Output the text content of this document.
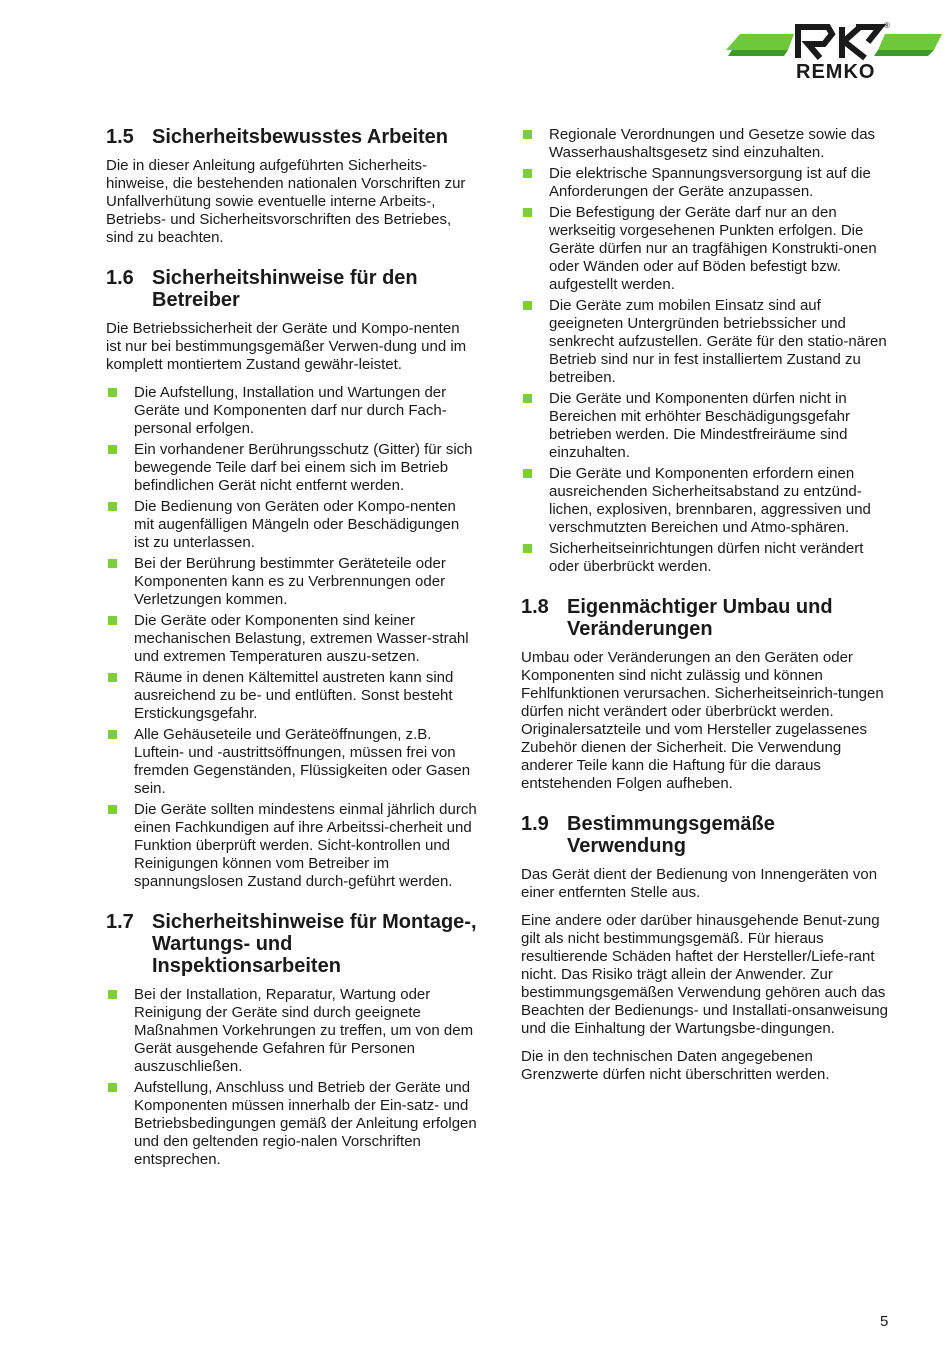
®
REMKO
1.5 Sicherheitsbewusstes Arbeiten

Die in dieser Anleitung aufgeführten Sicherheits-hinweise, die bestehenden nationalen Vorschriften zur Unfallverhütung sowie eventuelle interne Arbeits-, Betriebs- und Sicherheitsvorschriften des Betriebes, sind zu beachten.

1.6 Sicherheitshinweise für den Betreiber

Die Betriebssicherheit der Geräte und Kompo-nenten ist nur bei bestimmungsgemäßer Verwen-dung und im komplett montiertem Zustand gewähr-leistet.

Die Aufstellung, Installation und Wartungen der Geräte und Komponenten darf nur durch Fach-personal erfolgen.
Ein vorhandener Berührungsschutz (Gitter) für sich bewegende Teile darf bei einem sich im Betrieb befindlichen Gerät nicht entfernt werden.
Die Bedienung von Geräten oder Kompo-nenten mit augenfälligen Mängeln oder Beschädigungen ist zu unterlassen.
Bei der Berührung bestimmter Geräteteile oder Komponenten kann es zu Verbrennungen oder Verletzungen kommen.
Die Geräte oder Komponenten sind keiner mechanischen Belastung, extremen Wasser-strahl und extremen Temperaturen auszu-setzen.
Räume in denen Kältemittel austreten kann sind ausreichend zu be- und entlüften. Sonst besteht Erstickungsgefahr.
Alle Gehäuseteile und Geräteöffnungen, z.B. Luftein- und -austrittsöffnungen, müssen frei von fremden Gegenständen, Flüssigkeiten oder Gasen sein.
Die Geräte sollten mindestens einmal jährlich durch einen Fachkundigen auf ihre Arbeitssi-cherheit und Funktion überprüft werden. Sicht-kontrollen und Reinigungen können vom Betreiber im spannungslosen Zustand durch-geführt werden.
1.7 Sicherheitshinweise für Montage-, Wartungs- und Inspektionsarbeiten
Bei der Installation, Reparatur, Wartung oder Reinigung der Geräte sind durch geeignete Maßnahmen Vorkehrungen zu treffen, um von dem Gerät ausgehende Gefahren für Personen auszuschließen.
Aufstellung, Anschluss und Betrieb der Geräte und Komponenten müssen innerhalb der Ein-satz- und Betriebsbedingungen gemäß der Anleitung erfolgen und den geltenden regio-nalen Vorschriften entsprechen.
Regionale Verordnungen und Gesetze sowie das Wasserhaushaltsgesetz sind einzuhalten.
Die elektrische Spannungsversorgung ist auf die Anforderungen der Geräte anzupassen.
Die Befestigung der Geräte darf nur an den werkseitig vorgesehenen Punkten erfolgen. Die Geräte dürfen nur an tragfähigen Konstrukti-onen oder Wänden oder auf Böden befestigt bzw. aufgestellt werden.
Die Geräte zum mobilen Einsatz sind auf geeigneten Untergründen betriebssicher und senkrecht aufzustellen. Geräte für den statio-nären Betrieb sind nur in fest installiertem Zustand zu betreiben.
Die Geräte und Komponenten dürfen nicht in Bereichen mit erhöhter Beschädigungsgefahr betrieben werden. Die Mindestfreiräume sind einzuhalten.
Die Geräte und Komponenten erfordern einen ausreichenden Sicherheitsabstand zu entzünd-lichen, explosiven, brennbaren, aggressiven und verschmutzten Bereichen und Atmo-sphären.
Sicherheitseinrichtungen dürfen nicht verändert oder überbrückt werden.
1.8 Eigenmächtiger Umbau und Veränderungen

Umbau oder Veränderungen an den Geräten oder Komponenten sind nicht zulässig und können Fehlfunktionen verursachen. Sicherheitseinrich-tungen dürfen nicht verändert oder überbrückt werden. Originalersatzteile und vom Hersteller zugelassenes Zubehör dienen der Sicherheit. Die Verwendung anderer Teile kann die Haftung für die daraus entstehenden Folgen aufheben.

1.9 Bestimmungsgemäße Verwendung

Das Gerät dient der Bedienung von Innengeräten von einer entfernten Stelle aus.

Eine andere oder darüber hinausgehende Benut-zung gilt als nicht bestimmungsgemäß. Für hieraus resultierende Schäden haftet der Hersteller/Liefe-rant nicht. Das Risiko trägt allein der Anwender. Zur bestimmungsgemäßen Verwendung gehören auch das Beachten der Bedienungs- und Installati-onsanweisung und die Einhaltung der Wartungsbe-dingungen.

Die in den technischen Daten angegebenen Grenzwerte dürfen nicht überschritten werden.

5
